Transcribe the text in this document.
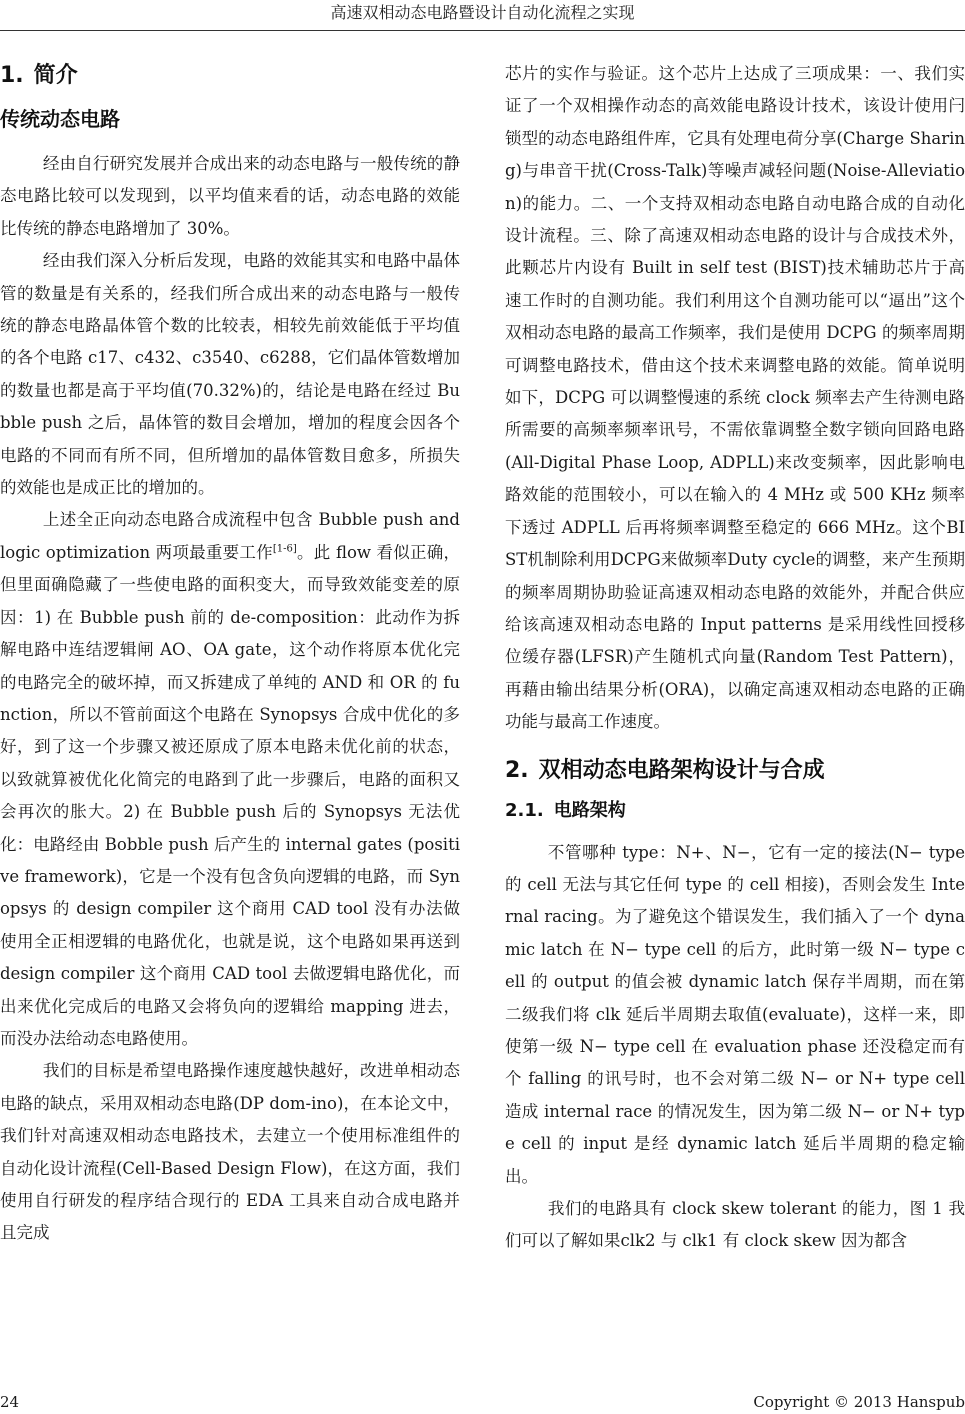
高速双相动态电路暨设计自动化流程之实现
1. 简介
传统动态电路

经由自行研究发展并合成出来的动态电路与一般传统的静态电路比较可以发现到，以平均值来看的话，动态电路的效能比传统的静态电路增加了 30%。

经由我们深入分析后发现，电路的效能其实和电路中晶体管的数量是有关系的，经我们所合成出来的动态电路与一般传统的静态电路晶体管个数的比较表，相较先前效能低于平均值的各个电路 c17、c432、c3540、c6288，它们晶体管数增加的数量也都是高于平均值(70.32%)的，结论是电路在经过 Bubble push 之后，晶体管的数目会增加，增加的程度会因各个电路的不同而有所不同，但所增加的晶体管数目愈多，所损失的效能也是成正比的增加的。

上述全正向动态电路合成流程中包含 Bubble push and logic optimization 两项最重要工作[1-6]。此 flow 看似正确，但里面确隐藏了一些使电路的面积变大，而导致效能变差的原因：1) 在 Bubble push 前的 de-composition：此动作为拆解电路中连结逻辑闸 AO、OA gate，这个动作将原本优化完的电路完全的破坏掉，而又拆建成了单纯的 AND 和 OR 的 function，所以不管前面这个电路在 Synopsys 合成中优化的多好，到了这一个步骤又被还原成了原本电路未优化前的状态，以致就算被优化化简完的电路到了此一步骤后，电路的面积又会再次的胀大。2) 在 Bubble push 后的 Synopsys 无法优化：电路经由 Bobble push 后产生的 internal gates (positive framework)，它是一个没有包含负向逻辑的电路，而 Synopsys 的 design compiler 这个商用 CAD tool 没有办法做使用全正相逻辑的电路优化，也就是说，这个电路如果再送到 design compiler 这个商用 CAD tool 去做逻辑电路优化，而出来优化完成后的电路又会将负向的逻辑给 mapping 进去，而没办法给动态电路使用。

我们的目标是希望电路操作速度越快越好，改进单相动态电路的缺点，采用双相动态电路(DP dom-ino)，在本论文中，我们针对高速双相动态电路技术，去建立一个使用标准组件的自动化设计流程(Cell-Based Design Flow)，在这方面，我们使用自行研发的程序结合现行的 EDA 工具来自动合成电路并且完成

芯片的实作与验证。这个芯片上达成了三项成果：一、我们实证了一个双相操作动态的高效能电路设计技术，该设计使用闩锁型的动态电路组件库，它具有处理电荷分享(Charge Sharing)与串音干扰(Cross-Talk)等噪声减轻问题(Noise-Alleviation)的能力。二、一个支持双相动态电路自动电路合成的自动化设计流程。三、除了高速双相动态电路的设计与合成技术外，此颗芯片内设有 Built in self test (BIST)技术辅助芯片于高速工作时的自测功能。我们利用这个自测功能可以“逼出”这个双相动态电路的最高工作频率，我们是使用 DCPG 的频率周期可调整电路技术，借由这个技术来调整电路的效能。简单说明如下，DCPG 可以调整慢速的系统 clock 频率去产生待测电路所需要的高频率频率讯号，不需依靠调整全数字锁向回路电路(All-Digital Phase Loop, ADPLL)来改变频率，因此影响电路效能的范围较小，可以在输入的 4 MHz 或 500 KHz 频率下透过 ADPLL 后再将频率调整至稳定的 666 MHz。这个BIST机制除利用DCPG来做频率Duty cycle的调整，来产生预期的频率周期协助验证高速双相动态电路的效能外，并配合供应给该高速双相动态电路的 Input patterns 是采用线性回授移位缓存器(LFSR)产生随机式向量(Random Test Pattern)，再藉由输出结果分析(ORA)，以确定高速双相动态电路的正确功能与最高工作速度。

2. 双相动态电路架构设计与合成
2.1. 电路架构

不管哪种 type：N+、N−，它有一定的接法(N− type 的 cell 无法与其它任何 type 的 cell 相接)，否则会发生 Internal racing。为了避免这个错误发生，我们插入了一个 dynamic latch 在 N− type cell 的后方，此时第一级 N− type cell 的 output 的值会被 dynamic latch 保存半周期，而在第二级我们将 clk 延后半周期去取值(evaluate)，这样一来，即使第一级 N− type cell 在 evaluation phase 还没稳定而有个 falling 的讯号时，也不会对第二级 N− or N+ type cell 造成 internal race 的情况发生，因为第二级 N− or N+ type cell 的 input 是经 dynamic latch 延后半周期的稳定输出。

我们的电路具有 clock skew tolerant 的能力，图 1 我们可以了解如果clk2 与 clk1 有 clock skew 因为都含

24	Copyright © 2013 Hanspub
